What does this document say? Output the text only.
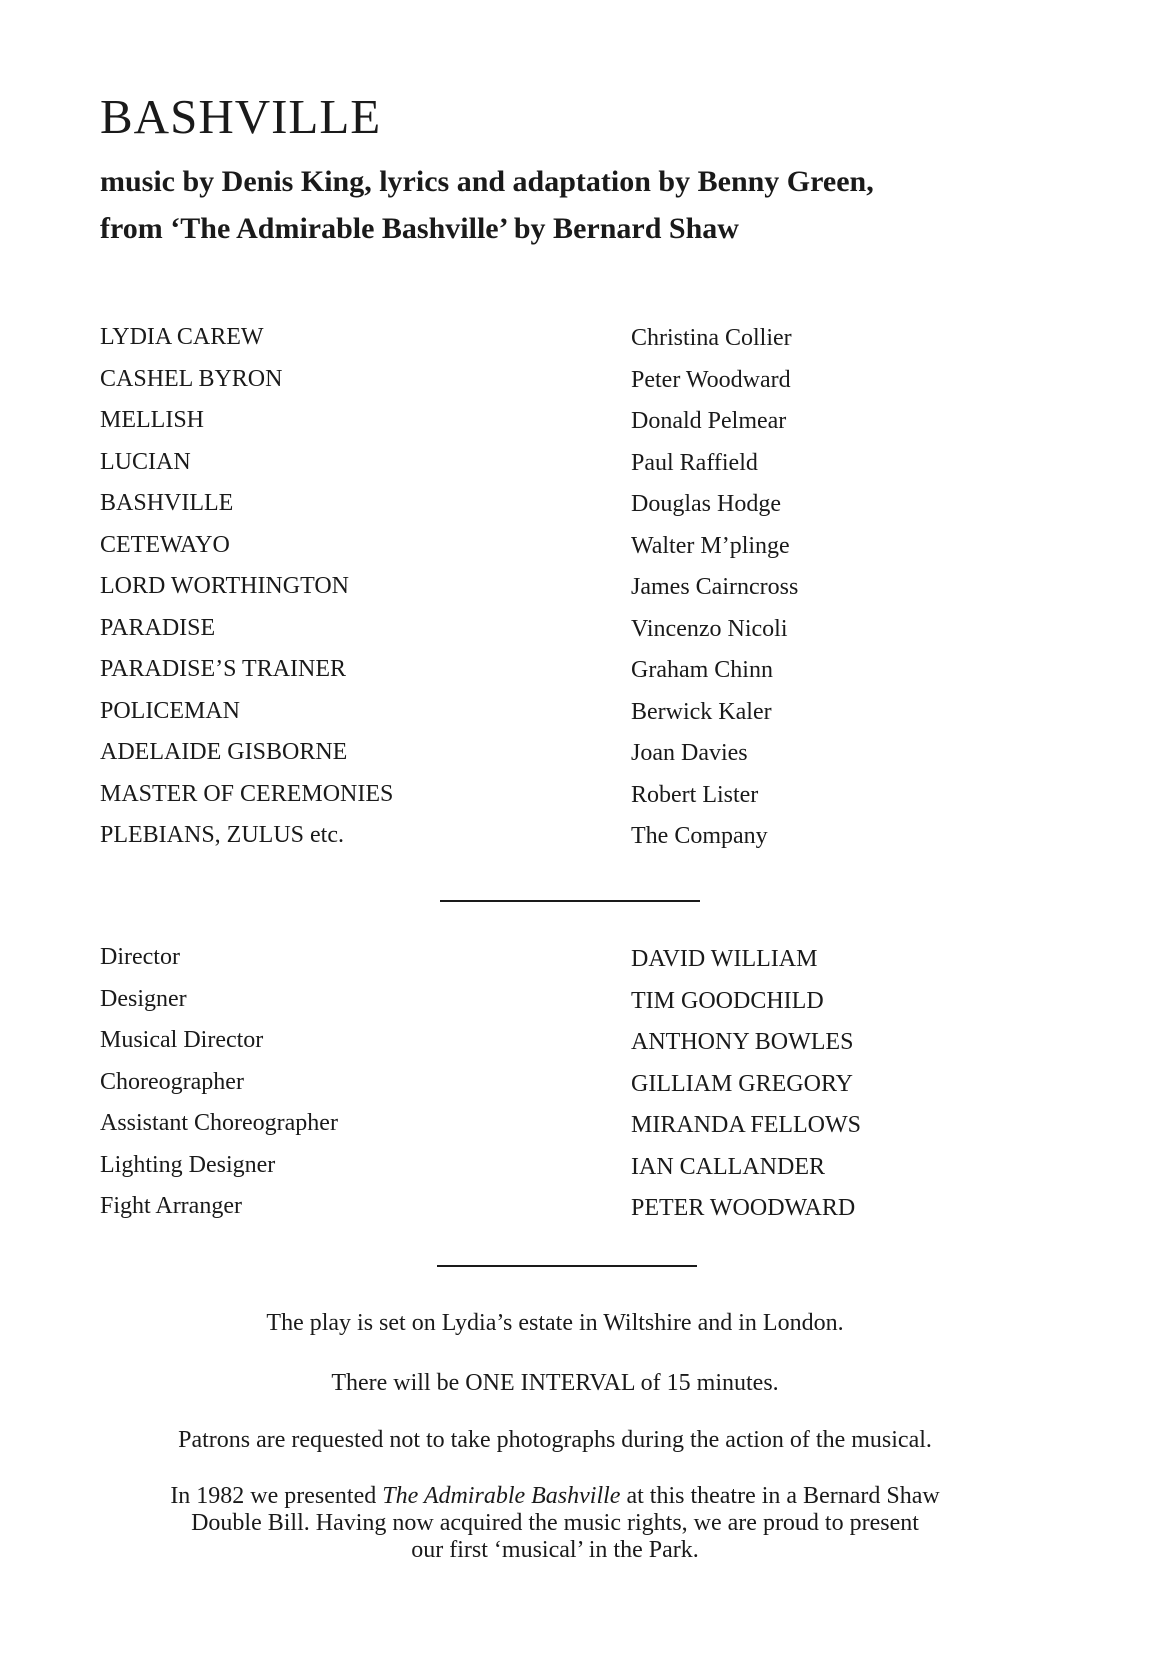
BASHVILLE
music by Denis King, lyrics and adaptation by Benny Green,
from ‘The Admirable Bashville’ by Bernard Shaw
LYDIA CAREW
CASHEL BYRON
MELLISH
LUCIAN
BASHVILLE
CETEWAYO
LORD WORTHINGTON
PARADISE
PARADISE’S TRAINER
POLICEMAN
ADELAIDE GISBORNE
MASTER OF CEREMONIES
PLEBIANS, ZULUS etc.
Christina Collier
Peter Woodward
Donald Pelmear
Paul Raffield
Douglas Hodge
Walter M’plinge
James Cairncross
Vincenzo Nicoli
Graham Chinn
Berwick Kaler
Joan Davies
Robert Lister
The Company
Director
Designer
Musical Director
Choreographer
Assistant Choreographer
Lighting Designer
Fight Arranger
DAVID WILLIAM
TIM GOODCHILD
ANTHONY BOWLES
GILLIAM GREGORY
MIRANDA FELLOWS
IAN CALLANDER
PETER WOODWARD

The play is set on Lydia’s estate in Wiltshire and in London.

There will be ONE INTERVAL of 15 minutes.

Patrons are requested not to take photographs during the action of the musical.

In 1982 we presented The Admirable Bashville at this theatre in a Bernard Shaw
Double Bill. Having now acquired the music rights, we are proud to present
our first ‘musical’ in the Park.
